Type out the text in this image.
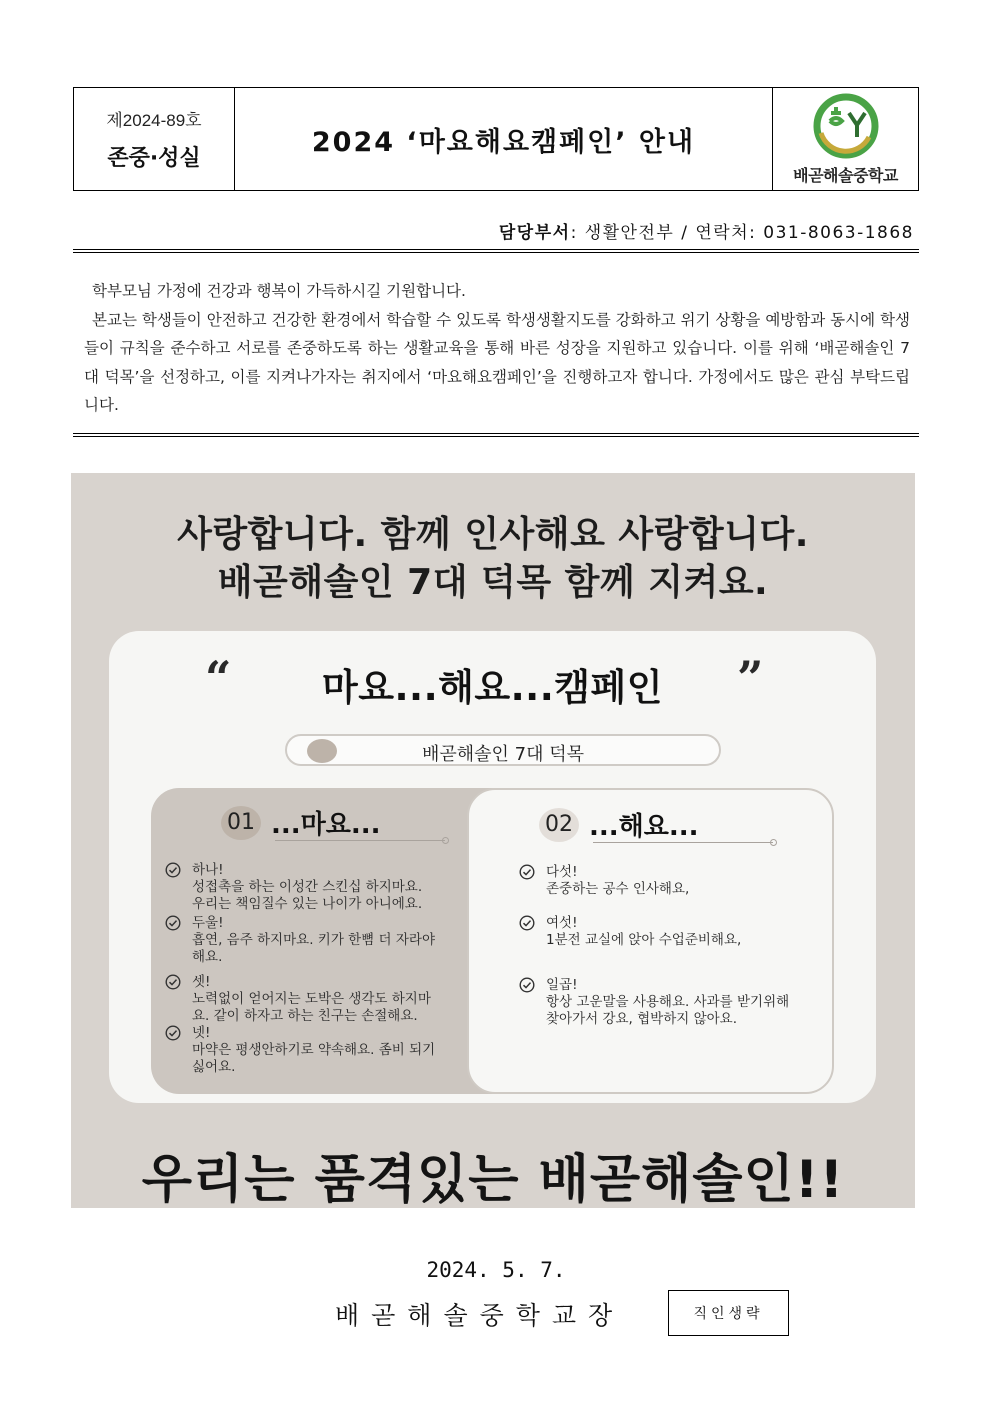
제2024-89호
존중·성실
2024 ‘마요해요캠페인’ 안내
배곧해솔중학교
담당부서: 생활안전부 / 연락처: 031-8063-1868

학부모님 가정에 건강과 행복이 가득하시길 기원합니다.

본교는 학생들이 안전하고 건강한 환경에서 학습할 수 있도록 학생생활지도를 강화하고 위기 상황을 예방함과 동시에 학생들이 규칙을 준수하고 서로를 존중하도록 하는 생활교육을 통해 바른 성장을 지원하고 있습니다. 이를 위해 ‘배곧해솔인 7대 덕목’을 선정하고, 이를 지켜나가자는 취지에서 ‘마요해요캠페인’을 진행하고자 합니다. 가정에서도 많은 관심 부탁드립니다.

사랑합니다. 함께 인사해요 사랑합니다.
배곧해솔인 7대 덕목 함께 지켜요.
“	마요...해요...캠페인	”
배곧해솔인 7대 덕목
01 ...마요...
하나!
성접촉을 하는 이성간 스킨십 하지마요.
우리는 책임질수 있는 나이가 아니에요.
두울!
흡연, 음주 하지마요. 키가 한뼘 더 자라야
해요.
셋!
노력없이 얻어지는 도박은 생각도 하지마
요. 같이 하자고 하는 친구는 손절해요.
넷!
마약은 평생안하기로 약속해요. 좀비 되기
싫어요.
02 ...해요...
다섯!
존중하는 공수 인사해요,
여섯!
1분전 교실에 앉아 수업준비해요,
일곱!
항상 고운말을 사용해요. 사과를 받기위해
찾아가서 강요, 협박하지 않아요.
우리는 품격있는 배곧해솔인!!
2024. 5. 7.
배곧해솔중학교장	직인생략
